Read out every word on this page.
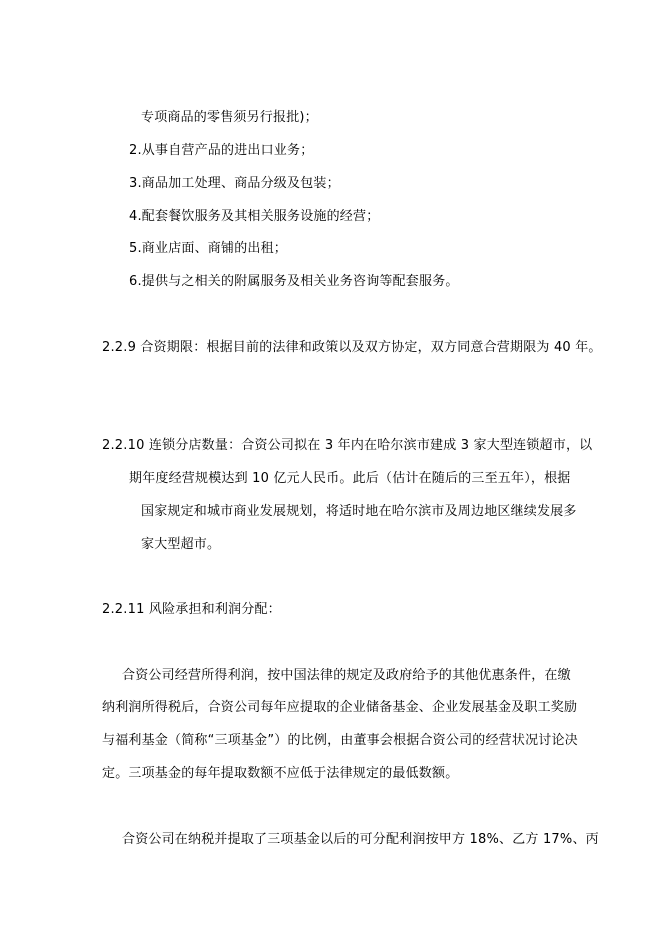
专项商品的零售须另行报批)；
2.从事自营产品的进出口业务；
3.商品加工处理、商品分级及包装；
4.配套餐饮服务及其相关服务设施的经营；
5.商业店面、商铺的出租；
6.提供与之相关的附属服务及相关业务咨询等配套服务。
2.2.9 合资期限：根据目前的法律和政策以及双方协定，双方同意合营期限为 40 年。
2.2.10 连锁分店数量：合资公司拟在 3 年内在哈尔滨市建成 3 家大型连锁超市，以
期年度经营规模达到 10 亿元人民币。此后（估计在随后的三至五年），根据
国家规定和城市商业发展规划，将适时地在哈尔滨市及周边地区继续发展多
家大型超市。
2.2.11 风险承担和利润分配：
合资公司经营所得利润，按中国法律的规定及政府给予的其他优惠条件，在缴
纳利润所得税后，合资公司每年应提取的企业储备基金、企业发展基金及职工奖励
与福利基金（简称“三项基金”）的比例，由董事会根据合资公司的经营状况讨论决
定。三项基金的每年提取数额不应低于法律规定的最低数额。
合资公司在纳税并提取了三项基金以后的可分配利润按甲方 18%、乙方 17%、丙
